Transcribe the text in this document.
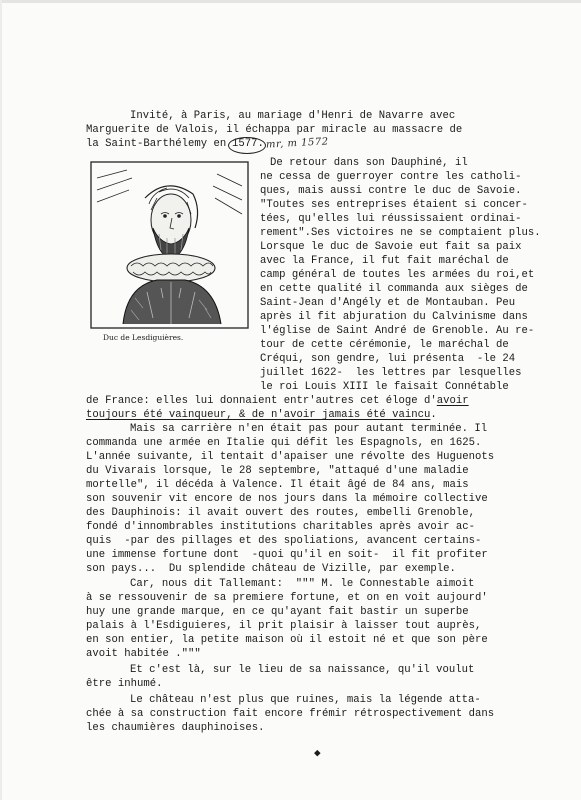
Invité, à Paris, au mariage d'Henri de Navarre avec
Marguerite de Valois, il échappa par miracle au massacre de
la Saint-Barthélemy en 1577. mr, m 1572
Duc de Lesdiguières.
De retour dans son Dauphiné, il
ne cessa de guerroyer contre les catholi-
ques, mais aussi contre le duc de Savoie.
"Toutes ses entreprises étaient si concer-
tées, qu'elles lui réussissaient ordinai-
rement".Ses victoires ne se comptaient plus.
Lorsque le duc de Savoie eut fait sa paix
avec la France, il fut fait maréchal de
camp général de toutes les armées du roi,et
en cette qualité il commanda aux sièges de
Saint-Jean d'Angély et de Montauban. Peu
après il fit abjuration du Calvinisme dans
l'église de Saint André de Grenoble. Au re-
tour de cette cérémonie, le maréchal de
Créqui, son gendre, lui présenta  -le 24
juillet 1622-  les lettres par lesquelles
le roi Louis XIII le faisait Connétable
de France: elles lui donnaient entr'autres cet éloge d'avoir
toujours été vainqueur, & de n'avoir jamais été vaincu.
Mais sa carrière n'en était pas pour autant terminée. Il
commanda une armée en Italie qui défit les Espagnols, en 1625.
L'année suivante, il tentait d'apaiser une révolte des Huguenots
du Vivarais lorsque, le 28 septembre, "attaqué d'une maladie
mortelle", il décéda à Valence. Il était âgé de 84 ans, mais
son souvenir vit encore de nos jours dans la mémoire collective
des Dauphinois: il avait ouvert des routes, embelli Grenoble,
fondé d'innombrables institutions charitables après avoir ac-
quis  -par des pillages et des spoliations, avancent certains-
une immense fortune dont  -quoi qu'il en soit-  il fit profiter
son pays...  Du splendide château de Vizille, par exemple.
Car, nous dit Tallemant:  """ M. le Connestable aimoit
à se ressouvenir de sa premiere fortune, et on en voit aujourd'
huy une grande marque, en ce qu'ayant fait bastir un superbe
palais à l'Esdiguieres, il prit plaisir à laisser tout auprès,
en son entier, la petite maison où il estoit né et que son père
avoit habitée ."""
Et c'est là, sur le lieu de sa naissance, qu'il voulut
être inhumé.
Le château n'est plus que ruines, mais la légende atta-
chée à sa construction fait encore frémir rétrospectivement dans
les chaumières dauphinoises.
◆
